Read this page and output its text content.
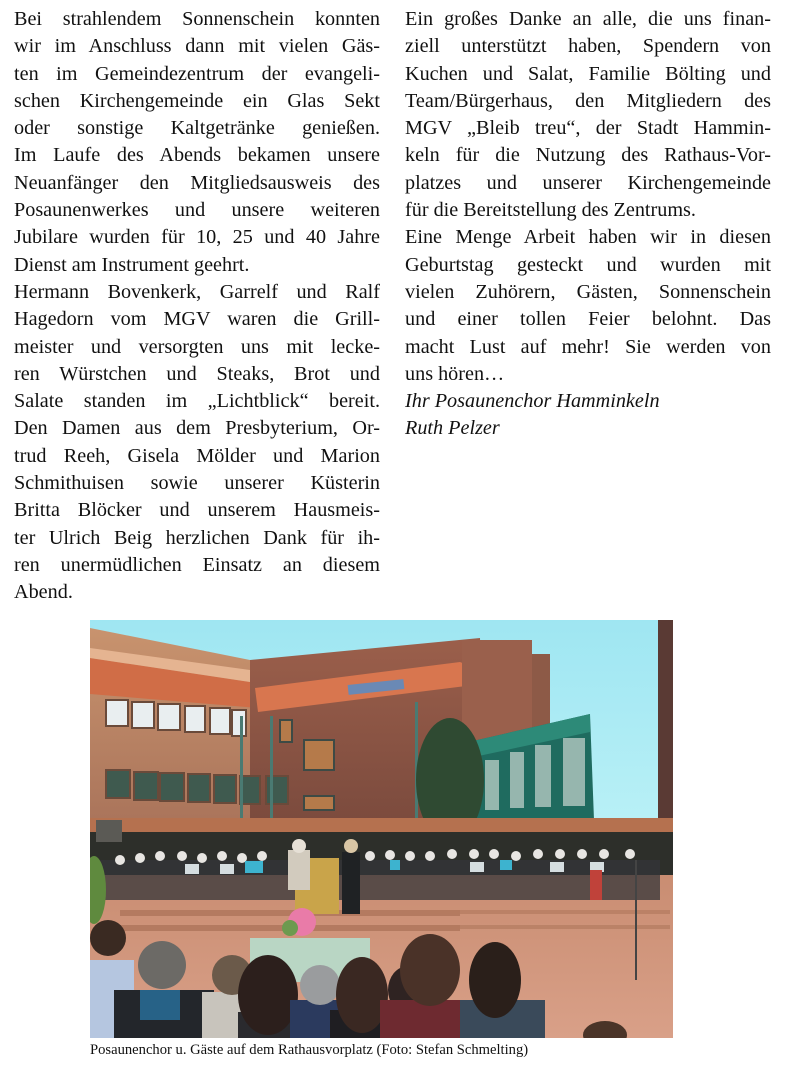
Bei strahlendem Sonnenschein konnten
wir im Anschluss dann mit vielen Gäs-
ten im Gemeindezentrum der evangeli-
schen Kirchengemeinde ein Glas Sekt
oder sonstige Kaltgetränke genießen.
Im Laufe des Abends bekamen unsere
Neuanfänger den Mitgliedsausweis des
Posaunenwerkes und unsere weiteren
Jubilare wurden für 10, 25 und 40 Jahre
Dienst am Instrument geehrt.
Hermann Bovenkerk, Garrelf und Ralf
Hagedorn vom MGV waren die Grill-
meister und versorgten uns mit lecke-
ren Würstchen und Steaks, Brot und
Salate standen im „Lichtblick“ bereit.
Den Damen aus dem Presbyterium, Or-
trud Reeh, Gisela Mölder und Marion
Schmithuisen sowie unserer Küsterin
Britta Blöcker und unserem Hausmeis-
ter Ulrich Beig herzlichen Dank für ih-
ren unermüdlichen Einsatz an diesem
Abend.
Ein großes Danke an alle, die uns finan-
ziell unterstützt haben, Spendern von
Kuchen und Salat, Familie Bölting und
Team/Bürgerhaus, den Mitgliedern des
MGV „Bleib treu“, der Stadt Hammin-
keln für die Nutzung des Rathaus-Vor-
platzes und unserer Kirchengemeinde
für die Bereitstellung des Zentrums.
Eine Menge Arbeit haben wir in diesen
Geburtstag gesteckt und wurden mit
vielen Zuhörern, Gästen, Sonnenschein
und einer tollen Feier belohnt. Das
macht Lust auf mehr! Sie werden von
uns hören…
Ihr Posaunenchor Hamminkeln
Ruth Pelzer
Posaunenchor u. Gäste auf dem Rathausvorplatz (Foto: Stefan Schmelting)
